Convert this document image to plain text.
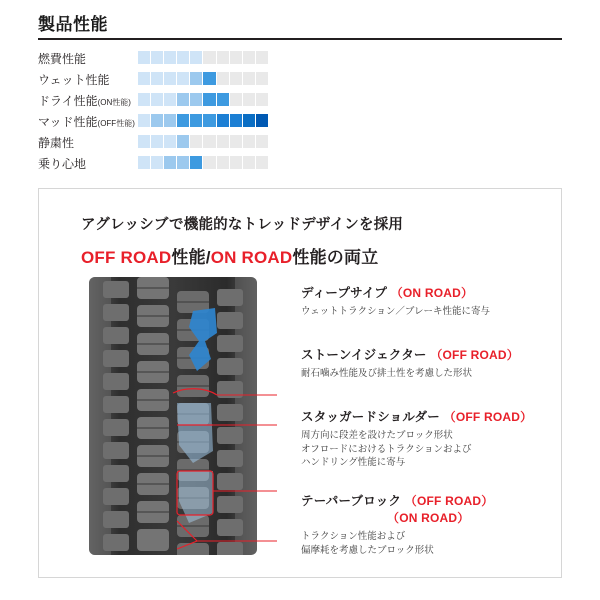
製品性能
燃費性能
ウェット性能
ドライ性能(ON性能)
マッド性能(OFF性能)
静粛性
乗り心地
アグレッシブで機能的なトレッドデザインを採用
OFF ROAD性能/ON ROAD性能の両立
ディープサイプ （ON ROAD）
ウェットトラクション／ブレーキ性能に寄与
ストーンイジェクター （OFF ROAD）
耐石噛み性能及び排土性を考慮した形状
スタッガードショルダー （OFF ROAD）
周方向に段差を設けたブロック形状
オフロードにおけるトラクションおよび
ハンドリング性能に寄与
テーパーブロック （OFF ROAD）
（ON ROAD）
トラクション性能および
偏摩耗を考慮したブロック形状
